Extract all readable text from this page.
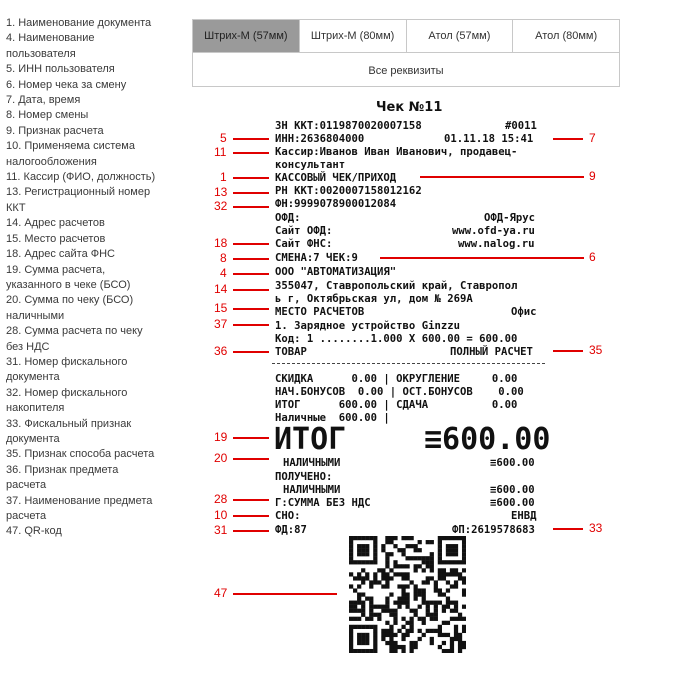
1. Наименование документа
4. Наименование
пользователя
5. ИНН пользователя
6. Номер чека за смену
7. Дата, время
8. Номер смены
9. Признак расчета
10. Применяема система
налогообложения
11. Кассир (ФИО, должность)
13. Регистрационный номер
ККТ
14. Адрес расчетов
15. Место расчетов
18. Адрес сайта ФНС
19. Сумма расчета,
указанного в чеке (БСО)
20. Сумма по чеку (БСО)
наличными
28. Сумма расчета по чеку
без НДС
31. Номер фискального
документа
32. Номер фискального
накопителя
33. Фискальный признак
документа
35. Признак способа расчета
36. Признак предмета
расчета
37. Наименование предмета
расчета
47. QR-код
Штрих-М (57мм)	Штрих-М (80мм)	Атол (57мм)	Атол (80мм)
Все реквизиты
Чек №11
ЗН ККТ:0119870020007158	#0011
ИНН:2636804000	01.11.18 15:41
Кассир:Иванов Иван Иванович, продавец-
консультант
КАССОВЫЙ ЧЕК/ПРИХОД
РН ККТ:0020007158012162
ФН:9999078900012084
ОФД:	ОФД-Ярус
Сайт ОФД:	www.ofd-ya.ru
Сайт ФНС:	www.nalog.ru
СМЕНА:7 ЧЕК:9
ООО "АВТОМАТИЗАЦИЯ"
355047, Ставропольский край, Ставропол
ь г, Октябрьская ул, дом № 269А
МЕСТО РАСЧЕТОВ	Офис
1. Зарядное устройство Ginzzu
Код: 1 ........1.000 X 600.00 = 600.00
ТОВАР	ПОЛНЫЙ РАСЧЕТ
СКИДКА      0.00 | ОКРУГЛЕНИЕ     0.00
НАЧ.БОНУСОВ  0.00 | ОСТ.БОНУСОВ    0.00
ИТОГ      600.00 | СДАЧА          0.00
Наличные  600.00 |
ИТОГ	≡600.00
НАЛИЧНЫМИ	≡600.00
ПОЛУЧЕНО:
НАЛИЧНЫМИ	≡600.00
Г:СУММА БЕЗ НДС	≡600.00
СНО:	ЕНВД
ФД:87	ФП:2619578683
5	7
11
1	9
13
32
18
8	6
4
14
15
37
36	35
19
20
28
10
31	33
47
